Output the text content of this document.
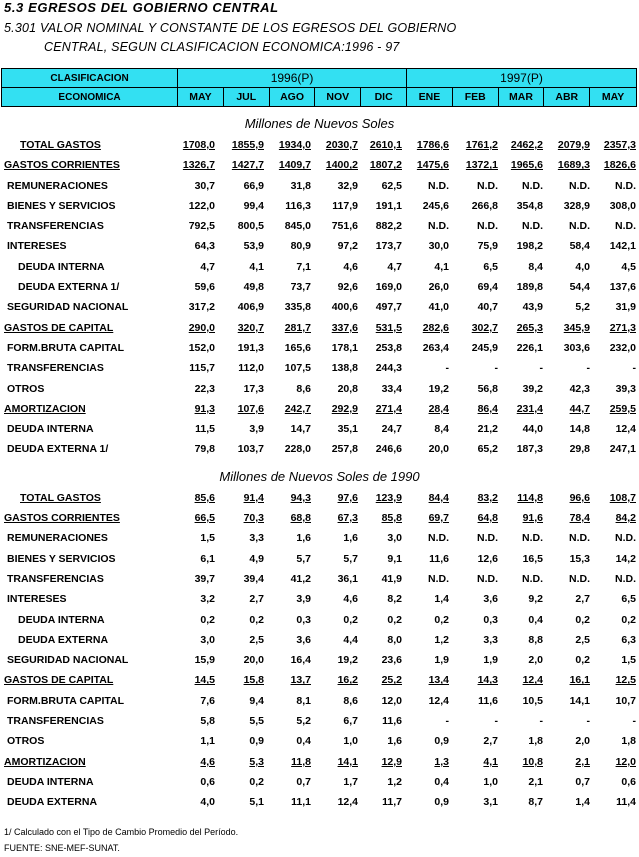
5.3 EGRESOS DEL GOBIERNO CENTRAL
5.301 VALOR NOMINAL Y CONSTANTE DE LOS EGRESOS DEL GOBIERNO
CENTRAL, SEGUN CLASIFICACION ECONOMICA:1996 - 97
CLASIFICACION	1996(P)					1997(P)				
ECONOMICA	MAY	JUL	AGO	NOV	DIC	ENE	FEB	MAR	ABR	MAY
Millones de Nuevos Soles
TOTAL GASTOS	1708,0	1855,9	1934,0	2030,7	2610,1	1786,6	1761,2	2462,2	2079,9	2357,3
GASTOS CORRIENTES	1326,7	1427,7	1409,7	1400,2	1807,2	1475,6	1372,1	1965,6	1689,3	1826,6
REMUNERACIONES	30,7	66,9	31,8	32,9	62,5	N.D.	N.D.	N.D.	N.D.	N.D.
BIENES Y SERVICIOS	122,0	99,4	116,3	117,9	191,1	245,6	266,8	354,8	328,9	308,0
TRANSFERENCIAS	792,5	800,5	845,0	751,6	882,2	N.D.	N.D.	N.D.	N.D.	N.D.
INTERESES	64,3	53,9	80,9	97,2	173,7	30,0	75,9	198,2	58,4	142,1
DEUDA INTERNA	4,7	4,1	7,1	4,6	4,7	4,1	6,5	8,4	4,0	4,5
DEUDA EXTERNA 1/	59,6	49,8	73,7	92,6	169,0	26,0	69,4	189,8	54,4	137,6
SEGURIDAD NACIONAL	317,2	406,9	335,8	400,6	497,7	41,0	40,7	43,9	5,2	31,9
GASTOS DE CAPITAL	290,0	320,7	281,7	337,6	531,5	282,6	302,7	265,3	345,9	271,3
FORM.BRUTA CAPITAL	152,0	191,3	165,6	178,1	253,8	263,4	245,9	226,1	303,6	232,0
TRANSFERENCIAS	115,7	112,0	107,5	138,8	244,3	-	-	-	-	-
OTROS	22,3	17,3	8,6	20,8	33,4	19,2	56,8	39,2	42,3	39,3
AMORTIZACION	91,3	107,6	242,7	292,9	271,4	28,4	86,4	231,4	44,7	259,5
DEUDA INTERNA	11,5	3,9	14,7	35,1	24,7	8,4	21,2	44,0	14,8	12,4
DEUDA EXTERNA 1/	79,8	103,7	228,0	257,8	246,6	20,0	65,2	187,3	29,8	247,1
Millones de Nuevos Soles de 1990
TOTAL GASTOS	85,6	91,4	94,3	97,6	123,9	84,4	83,2	114,8	96,6	108,7
GASTOS CORRIENTES	66,5	70,3	68,8	67,3	85,8	69,7	64,8	91,6	78,4	84,2
REMUNERACIONES	1,5	3,3	1,6	1,6	3,0	N.D.	N.D.	N.D.	N.D.	N.D.
BIENES Y SERVICIOS	6,1	4,9	5,7	5,7	9,1	11,6	12,6	16,5	15,3	14,2
TRANSFERENCIAS	39,7	39,4	41,2	36,1	41,9	N.D.	N.D.	N.D.	N.D.	N.D.
INTERESES	3,2	2,7	3,9	4,6	8,2	1,4	3,6	9,2	2,7	6,5
DEUDA INTERNA	0,2	0,2	0,3	0,2	0,2	0,2	0,3	0,4	0,2	0,2
DEUDA EXTERNA	3,0	2,5	3,6	4,4	8,0	1,2	3,3	8,8	2,5	6,3
SEGURIDAD NACIONAL	15,9	20,0	16,4	19,2	23,6	1,9	1,9	2,0	0,2	1,5
GASTOS DE CAPITAL	14,5	15,8	13,7	16,2	25,2	13,4	14,3	12,4	16,1	12,5
FORM.BRUTA CAPITAL	7,6	9,4	8,1	8,6	12,0	12,4	11,6	10,5	14,1	10,7
TRANSFERENCIAS	5,8	5,5	5,2	6,7	11,6	-	-	-	-	-
OTROS	1,1	0,9	0,4	1,0	1,6	0,9	2,7	1,8	2,0	1,8
AMORTIZACION	4,6	5,3	11,8	14,1	12,9	1,3	4,1	10,8	2,1	12,0
DEUDA INTERNA	0,6	0,2	0,7	1,7	1,2	0,4	1,0	2,1	0,7	0,6
DEUDA EXTERNA	4,0	5,1	11,1	12,4	11,7	0,9	3,1	8,7	1,4	11,4
1/ Calculado con el Tipo de Cambio Promedio del Período.
FUENTE: SNE-MEF-SUNAT.
